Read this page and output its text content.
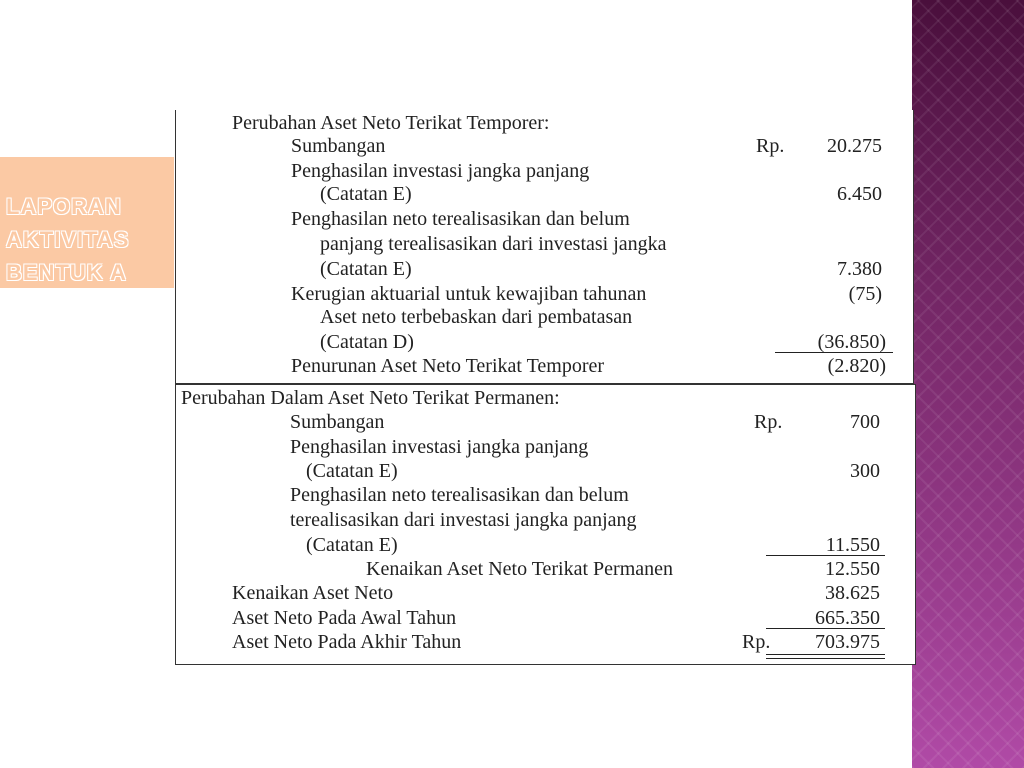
LAPORAN
AKTIVITAS
BENTUK A
Perubahan Aset Neto Terikat Temporer:
Sumbangan	Rp.	20.275
Penghasilan investasi jangka panjang
(Catatan E)	6.450
Penghasilan neto terealisasikan dan belum
panjang terealisasikan dari investasi jangka
(Catatan E)	7.380
Kerugian aktuarial untuk kewajiban tahunan	(75)
Aset neto terbebaskan dari pembatasan
(Catatan D)	(36.850)
Penurunan Aset Neto Terikat Temporer	(2.820)
Perubahan Dalam Aset Neto Terikat Permanen:
Sumbangan	Rp.	700
Penghasilan investasi jangka panjang
(Catatan E)	300
Penghasilan neto terealisasikan dan belum
terealisasikan dari investasi jangka panjang
(Catatan E)	11.550
Kenaikan Aset Neto Terikat Permanen	12.550
Kenaikan Aset Neto	38.625
Aset Neto Pada Awal Tahun	665.350
Aset Neto Pada Akhir Tahun	Rp.	703.975
